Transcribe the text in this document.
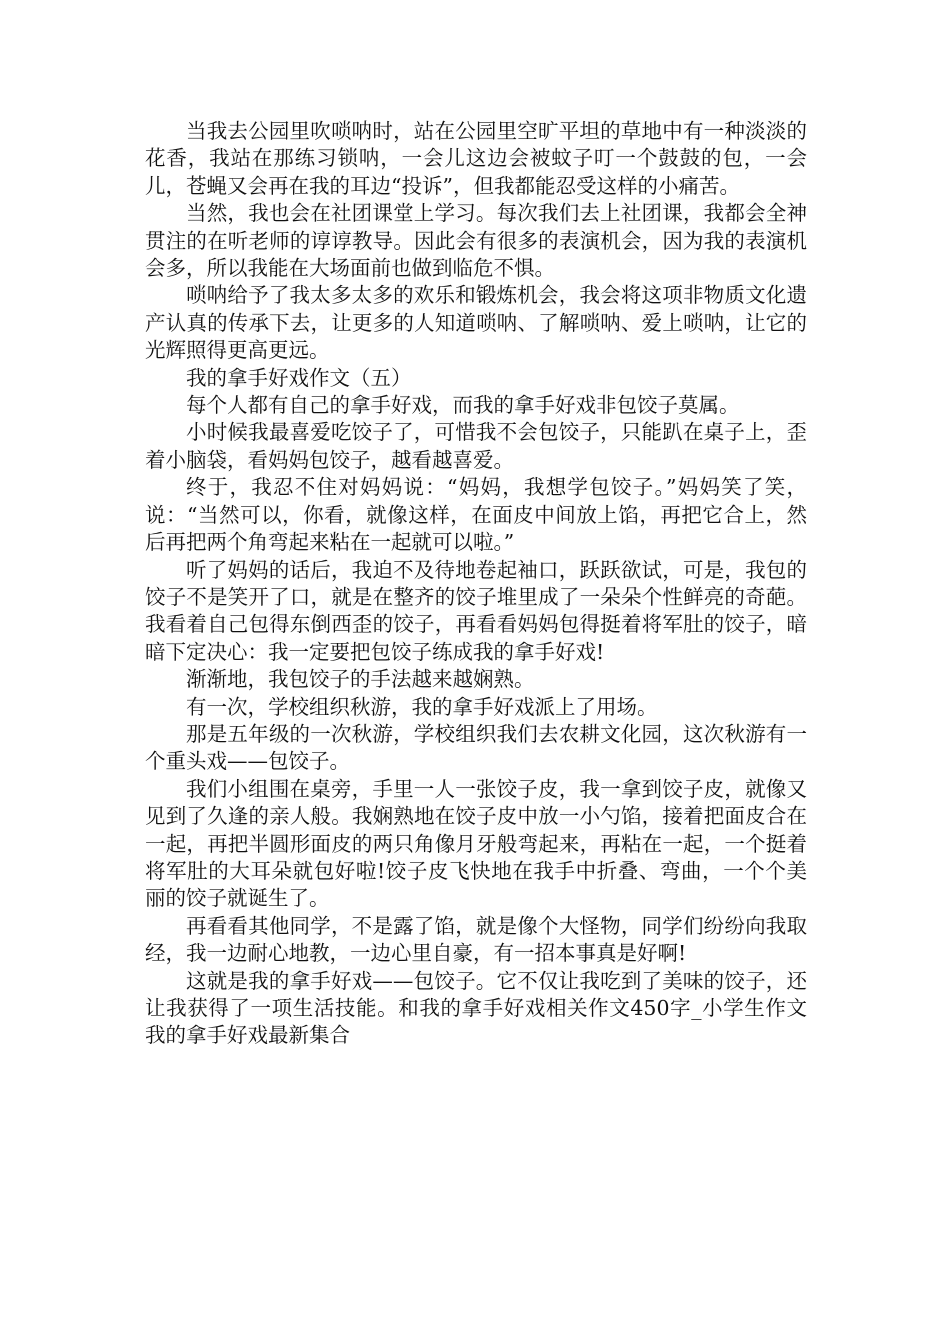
当我去公园里吹唢呐时，站在公园里空旷平坦的草地中有一种淡淡的花香，我站在那练习锁呐，一会儿这边会被蚊子叮一个鼓鼓的包，一会儿，苍蝇又会再在我的耳边“投诉”，但我都能忍受这样的小痛苦。

当然，我也会在社团课堂上学习。每次我们去上社团课，我都会全神贯注的在听老师的谆谆教导。因此会有很多的表演机会，因为我的表演机会多，所以我能在大场面前也做到临危不惧。

唢呐给予了我太多太多的欢乐和锻炼机会，我会将这项非物质文化遗产认真的传承下去，让更多的人知道唢呐、了解唢呐、爱上唢呐，让它的光辉照得更高更远。

我的拿手好戏作文（五）

每个人都有自己的拿手好戏，而我的拿手好戏非包饺子莫属。

小时候我最喜爱吃饺子了，可惜我不会包饺子，只能趴在桌子上，歪着小脑袋，看妈妈包饺子，越看越喜爱。

终于，我忍不住对妈妈说：“妈妈，我想学包饺子。”妈妈笑了笑，说：“当然可以，你看，就像这样，在面皮中间放上馅，再把它合上，然后再把两个角弯起来粘在一起就可以啦。”

听了妈妈的话后，我迫不及待地卷起袖口，跃跃欲试，可是，我包的饺子不是笑开了口，就是在整齐的饺子堆里成了一朵朵个性鲜亮的奇葩。我看着自己包得东倒西歪的饺子，再看看妈妈包得挺着将军肚的饺子，暗暗下定决心：我一定要把包饺子练成我的拿手好戏!

渐渐地，我包饺子的手法越来越娴熟。

有一次，学校组织秋游，我的拿手好戏派上了用场。

那是五年级的一次秋游，学校组织我们去农耕文化园，这次秋游有一个重头戏——包饺子。

我们小组围在桌旁，手里一人一张饺子皮，我一拿到饺子皮，就像又见到了久逢的亲人般。我娴熟地在饺子皮中放一小勺馅，接着把面皮合在一起，再把半圆形面皮的两只角像月牙般弯起来，再粘在一起，一个挺着将军肚的大耳朵就包好啦!饺子皮飞快地在我手中折叠、弯曲，一个个美丽的饺子就诞生了。

再看看其他同学，不是露了馅，就是像个大怪物，同学们纷纷向我取经，我一边耐心地教，一边心里自豪，有一招本事真是好啊!

这就是我的拿手好戏——包饺子。它不仅让我吃到了美味的饺子，还让我获得了一项生活技能。和我的拿手好戏相关作文450字_小学生作文我的拿手好戏最新集合
